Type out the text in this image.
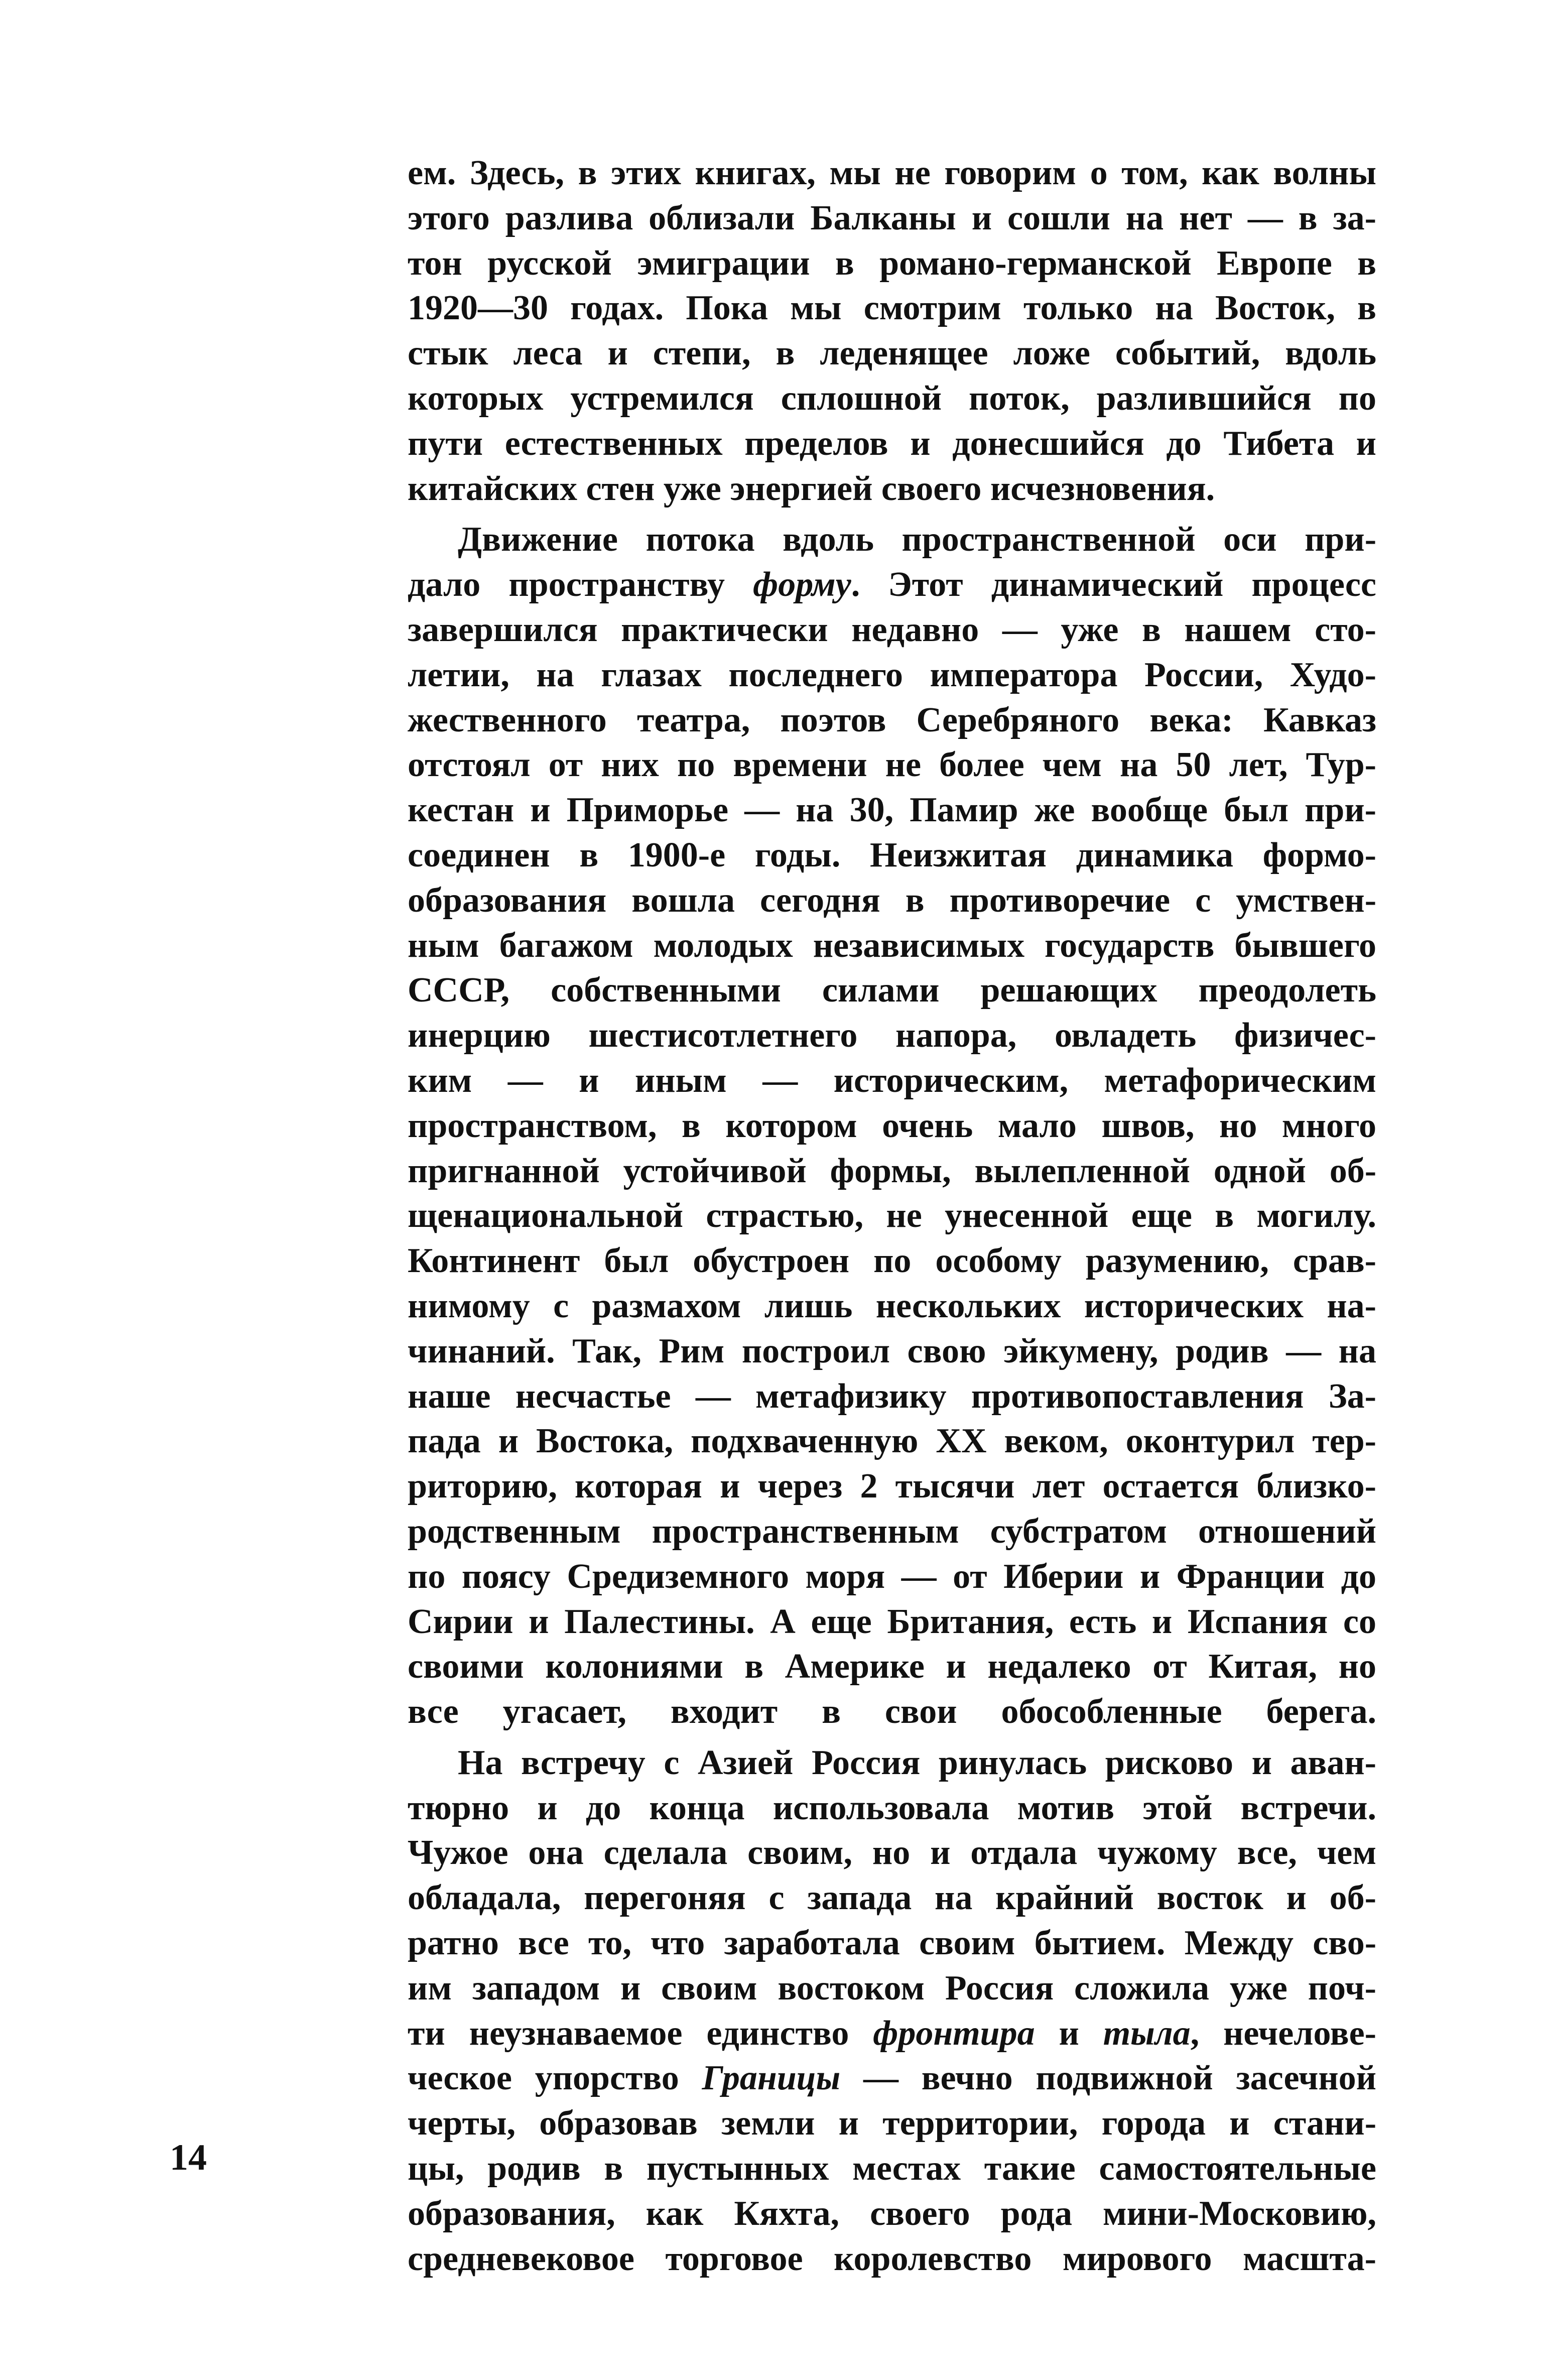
ем. Здесь, в этих книгах, мы не говорим о том, как волны
этого разлива облизали Балканы и сошли на нет — в за-
тон русской эмиграции в романо-германской Европе в
1920—30 годах. Пока мы смотрим только на Восток, в
стык леса и степи, в леденящее ложе событий, вдоль
которых устремился сплошной поток, разлившийся по
пути естественных пределов и донесшийся до Тибета и
китайских стен уже энергией своего исчезновения.

Движение потока вдоль пространственной оси при-
дало пространству форму. Этот динамический процесс
завершился практически недавно — уже в нашем сто-
летии, на глазах последнего императора России, Худо-
жественного театра, поэтов Серебряного века: Кавказ
отстоял от них по времени не более чем на 50 лет, Тур-
кестан и Приморье — на 30, Памир же вообще был при-
соединен в 1900-е годы. Неизжитая динамика формо-
образования вошла сегодня в противоречие с умствен-
ным багажом молодых независимых государств бывшего
СССР, собственными силами решающих преодолеть
инерцию шестисотлетнего напора, овладеть физичес-
ким — и иным — историческим, метафорическим
пространством, в котором очень мало швов, но много
пригнанной устойчивой формы, вылепленной одной об-
щенациональной страстью, не унесенной еще в могилу.
Континент был обустроен по особому разумению, срав-
нимому с размахом лишь нескольких исторических на-
чинаний. Так, Рим построил свою эйкумену, родив — на
наше несчастье — метафизику противопоставления За-
пада и Востока, подхваченную XX веком, оконтурил тер-
риторию, которая и через 2 тысячи лет остается близко-
родственным пространственным субстратом отношений
по поясу Средиземного моря — от Иберии и Франции до
Сирии и Палестины. А еще Британия, есть и Испания со
своими колониями в Америке и недалеко от Китая, но
все угасает, входит в свои обособленные берега.

На встречу с Азией Россия ринулась рисково и аван-
тюрно и до конца использовала мотив этой встречи.
Чужое она сделала своим, но и отдала чужому все, чем
обладала, перегоняя с запада на крайний восток и об-
ратно все то, что заработала своим бытием. Между сво-
им западом и своим востоком Россия сложила уже поч-
ти неузнаваемое единство фронтира и тыла, нечелове-
ческое упорство Границы — вечно подвижной засечной
черты, образовав земли и территории, города и стани-
цы, родив в пустынных местах такие самостоятельные
образования, как Кяхта, своего рода мини-Московию,
средневековое торговое королевство мирового масшта-

14
